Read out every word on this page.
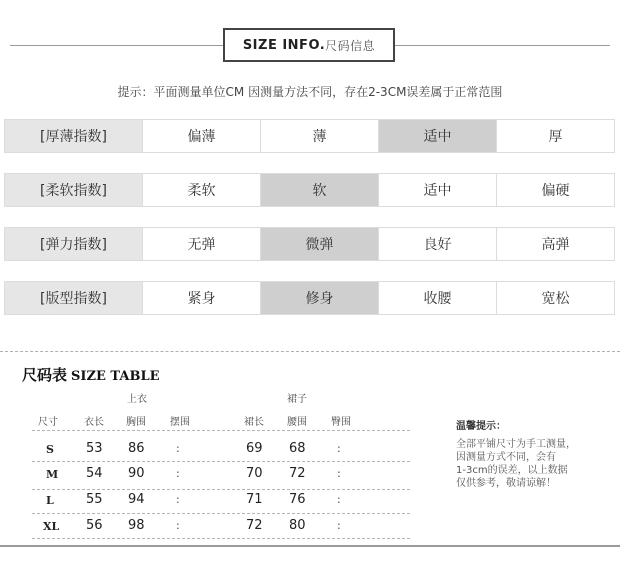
SIZE INFO. 尺码信息
提示：平面测量单位CM 因测量方法不同，存在2-3CM误差属于正常范围
[厚薄指数]	偏薄	薄	适中	厚
[柔软指数]	柔软	软	适中	偏硬
[弹力指数]	无弹	微弹	良好	高弹
[版型指数]	紧身	修身	收腰	宽松
尺码表 SIZE TABLE
上衣	裙子
尺寸	衣长 胸围 摆围	裙长 腰围 臀围
S 53 86	:	69 68	:
M 54 90	:	70 72	:
L 55 94	:	71 76	:
XL 56 98	:	72 80	:
温馨提示：
全部平铺尺寸为手工测量，
因测量方式不同，会有
1-3cm的误差，以上数据
仅供参考，敬请谅解！
